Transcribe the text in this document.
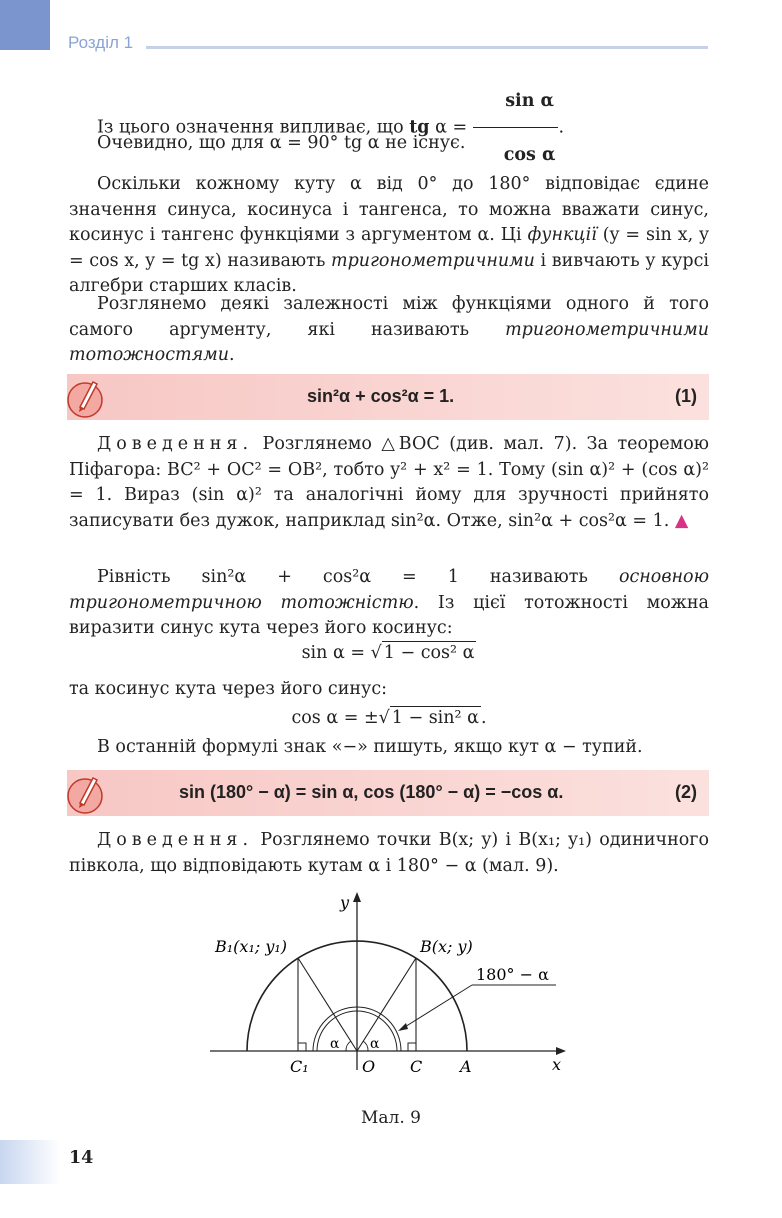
Розділ 1
Із цього означення випливає, що tg $\alpha = \frac{\text{sin α}}{\text{cos α}}$ .
Очевидно, що для α = 90° tg α не існує.
Оскільки кожному куту α від 0° до 180° відповідає єдине значення синуса, косинуса і тангенса, то можна вважати синус, косинус і тангенс функціями з аргументом α. Ці функції (y = sin x, y = cos x, y = tg x) називають тригонометричними і вивчають у курсі алгебри старших класів.
Розглянемо деякі залежності між функціями одного й того самого аргументу, які називають тригонометричними тотожностями.
sin²α + cos²α = 1.	(1)
Доведення. Розглянемо △BOC (див. мал. 7). За теоремою Піфагора: BC² + OC² = OB², тобто y² + x² = 1. Тому (sin α)² + (cos α)² = 1. Вираз (sin α)² та аналогічні йому для зручності прийнято записувати без дужок, наприклад sin²α. Отже, sin²α + cos²α = 1. ▲
Рівність sin²α + cos²α = 1 називають основною тригонометричною тотожністю. Із цієї тотожності можна виразити синус кута через його косинус:
sin α = √ 1 − cos² α
та косинус кута через його синус:
cos α = ±√ 1 − sin² α .
В останній формулі знак «−» пишуть, якщо кут α − тупий.
sin (180° − α) = sin α, cos (180° − α) = −cos α.	(2)
Доведення. Розглянемо точки B(x; y) і B(x₁; y₁) одиничного півкола, що відповідають кутам α і 180° − α (мал. 9).
y
x
O C A
C₁
B₁(x₁; y₁)	B(x; y)
180° − α
α α
Мал. 9
14
